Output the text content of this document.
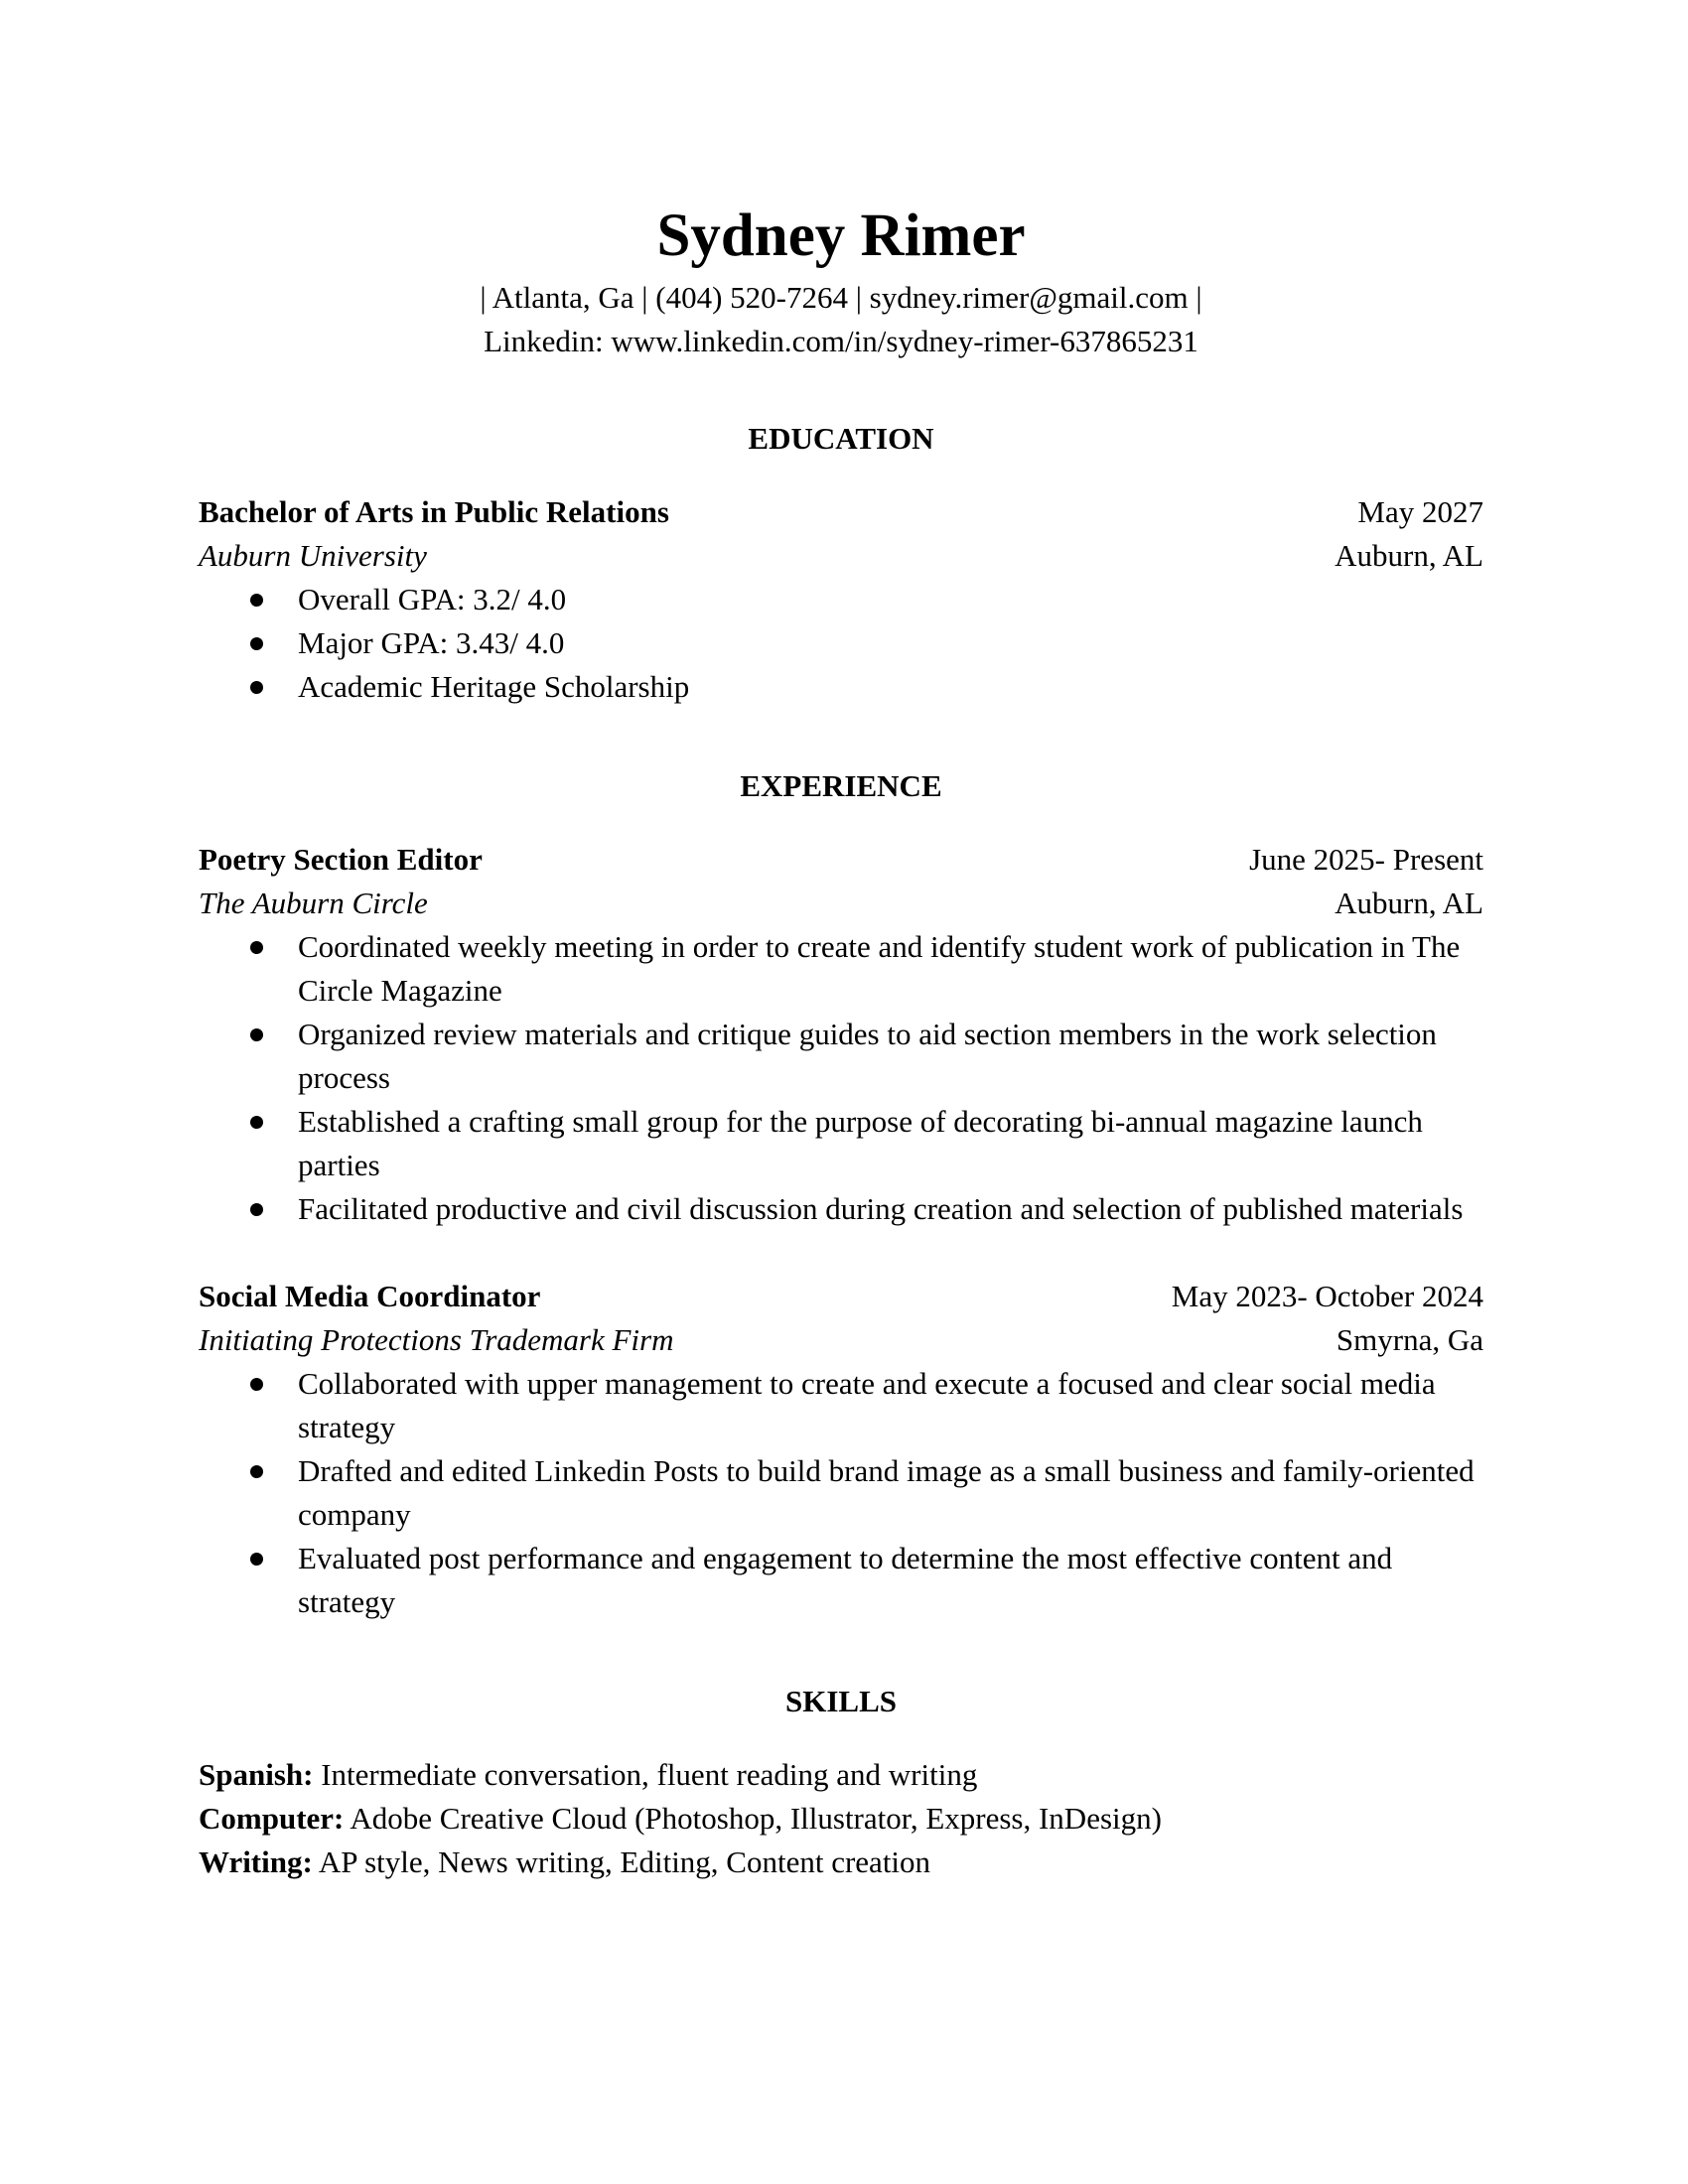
Sydney Rimer

| Atlanta, Ga | (404) 520-7264 | sydney.rimer@gmail.com |

Linkedin: www.linkedin.com/in/sydney-rimer-637865231

EDUCATION
Bachelor of Arts in Public Relations	May 2027
Auburn University	Auburn, AL
Overall GPA: 3.2/ 4.0
Major GPA: 3.43/ 4.0
Academic Heritage Scholarship
EXPERIENCE
Poetry Section Editor	June 2025- Present
The Auburn Circle	Auburn, AL
Coordinated weekly meeting in order to create and identify student work of publication in The Circle Magazine
Organized review materials and critique guides to aid section members in the work selection process
Established a crafting small group for the purpose of decorating bi-annual magazine launch parties
Facilitated productive and civil discussion during creation and selection of published materials
Social Media Coordinator	May 2023- October 2024
Initiating Protections Trademark Firm	Smyrna, Ga
Collaborated with upper management to create and execute a focused and clear social media strategy
Drafted and edited Linkedin Posts to build brand image as a small business and family-oriented company
Evaluated post performance and engagement to determine the most effective content and strategy
SKILLS
Spanish: Intermediate conversation, fluent reading and writing
Computer: Adobe Creative Cloud (Photoshop, Illustrator, Express, InDesign)
Writing: AP style, News writing, Editing, Content creation
